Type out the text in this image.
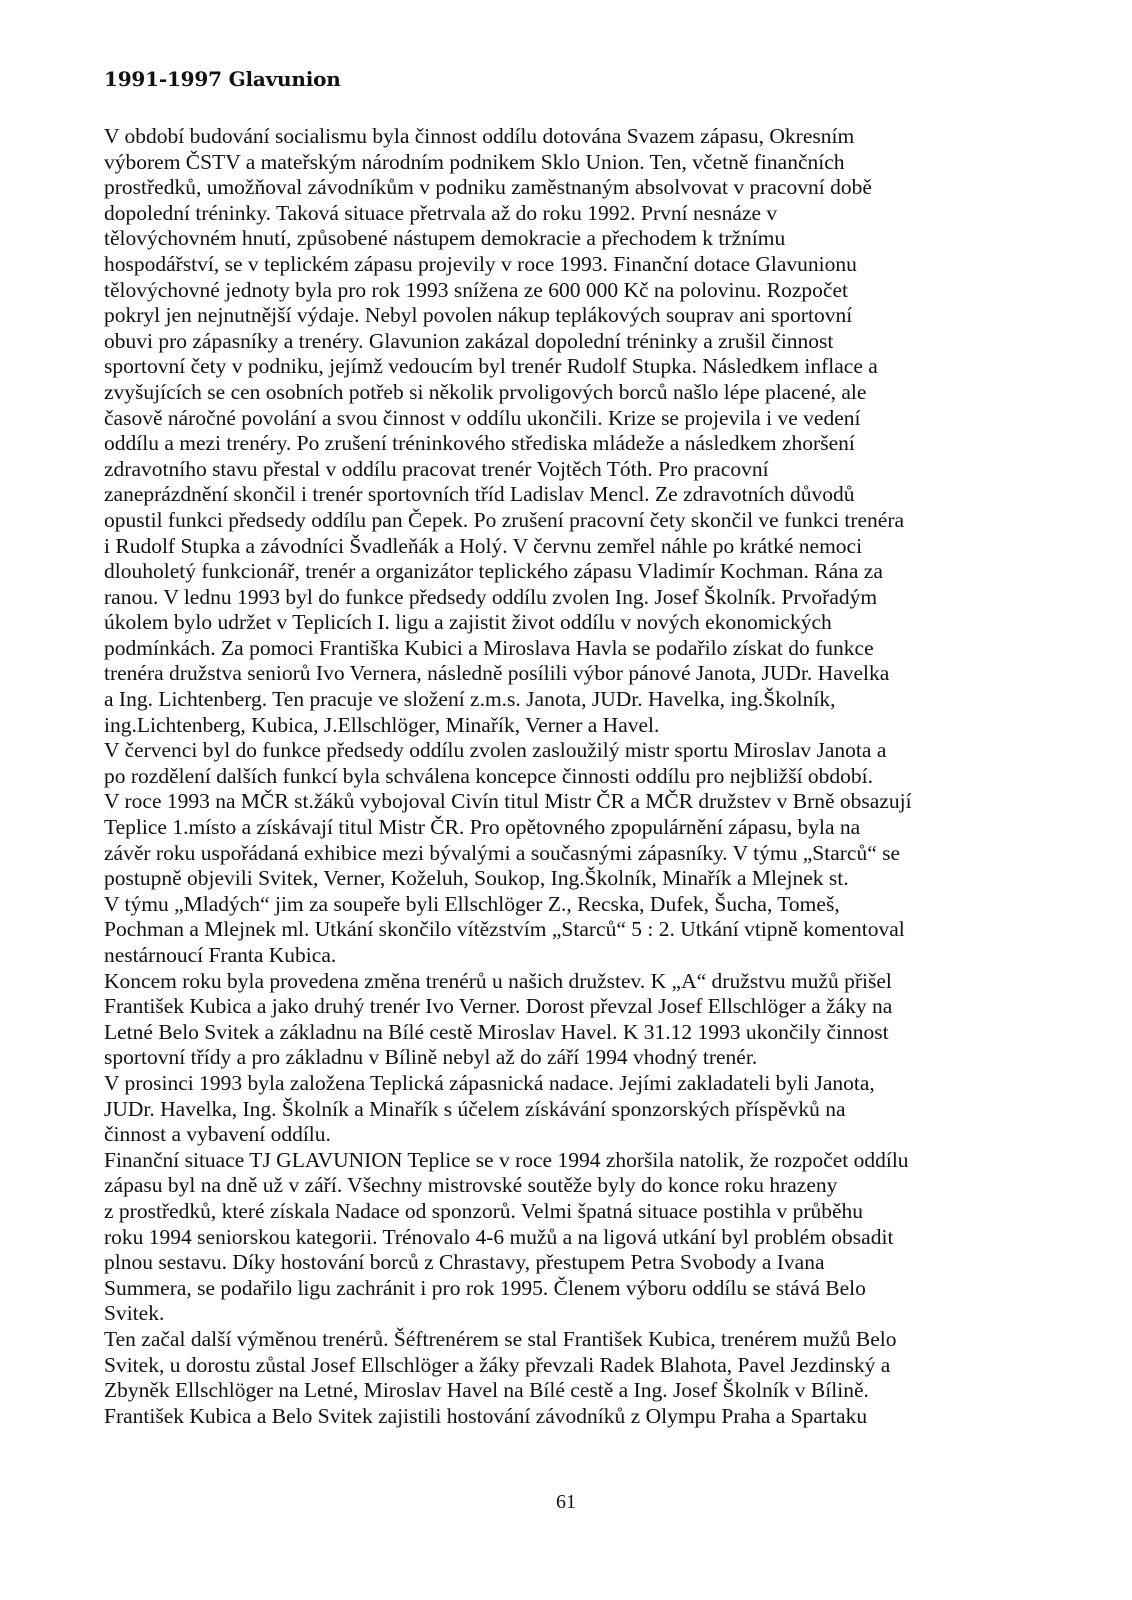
1991-1997 Glavunion
V období budování socialismu byla činnost oddílu dotována Svazem zápasu, Okresním
výborem ČSTV a mateřským národním podnikem Sklo Union. Ten, včetně finančních
prostředků, umožňoval závodníkům v podniku zaměstnaným absolvovat v pracovní době
dopolední tréninky. Taková situace přetrvala až do roku 1992. První nesnáze v
tělovýchovném hnutí, způsobené nástupem demokracie a přechodem k tržnímu
hospodářství, se v teplickém zápasu projevily v roce 1993. Finanční dotace Glavunionu
tělovýchovné jednoty byla pro rok 1993 snížena ze 600 000 Kč na polovinu. Rozpočet
pokryl jen nejnutnější výdaje. Nebyl povolen nákup teplákových souprav ani sportovní
obuvi pro zápasníky a trenéry. Glavunion zakázal dopolední tréninky a zrušil činnost
sportovní čety v podniku, jejímž vedoucím byl trenér Rudolf Stupka. Následkem inflace a
zvyšujících se cen osobních potřeb si několik prvoligových borců našlo lépe placené, ale
časově náročné povolání a svou činnost v oddílu ukončili. Krize se projevila i ve vedení
oddílu a mezi trenéry. Po zrušení tréninkového střediska mládeže a následkem zhoršení
zdravotního stavu přestal v oddílu pracovat trenér Vojtěch Tóth. Pro pracovní
zaneprázdnění skončil i trenér sportovních tříd Ladislav Mencl. Ze zdravotních důvodů
opustil funkci předsedy oddílu pan Čepek. Po zrušení pracovní čety skončil ve funkci trenéra
i Rudolf Stupka a závodníci Švadleňák a Holý. V červnu zemřel náhle po krátké nemoci
dlouholetý funkcionář, trenér a organizátor teplického zápasu Vladimír Kochman. Rána za
ranou. V lednu 1993 byl do funkce předsedy oddílu zvolen Ing. Josef Školník. Prvořadým
úkolem bylo udržet v Teplicích I. ligu a zajistit život oddílu v nových ekonomických
podmínkách. Za pomoci Františka Kubici a Miroslava Havla se podařilo získat do funkce
trenéra družstva seniorů Ivo Vernera, následně posílili výbor pánové Janota, JUDr. Havelka
a Ing. Lichtenberg. Ten pracuje ve složení z.m.s. Janota, JUDr. Havelka, ing.Školník,
ing.Lichtenberg, Kubica, J.Ellschlöger, Minařík, Verner a Havel.
V červenci byl do funkce předsedy oddílu zvolen zasloužilý mistr sportu Miroslav Janota a
po rozdělení dalších funkcí byla schválena koncepce činnosti oddílu pro nejbližší období.
V roce 1993 na MČR st.žáků vybojoval Civín titul Mistr ČR a MČR družstev v Brně obsazují
Teplice 1.místo a získávají titul Mistr ČR. Pro opětovného zpopulárnění zápasu, byla na
závěr roku uspořádaná exhibice mezi bývalými a současnými zápasníky. V týmu „Starců“ se
postupně objevili Svitek, Verner, Koželuh, Soukop, Ing.Školník, Minařík a Mlejnek st.
V týmu „Mladých“ jim za soupeře byli Ellschlöger Z., Recska, Dufek, Šucha, Tomeš,
Pochman a Mlejnek ml. Utkání skončilo vítězstvím „Starců“ 5 : 2. Utkání vtipně komentoval
nestárnoucí Franta Kubica.
Koncem roku byla provedena změna trenérů u našich družstev. K „A“ družstvu mužů přišel
František Kubica a jako druhý trenér Ivo Verner. Dorost převzal Josef Ellschlöger a žáky na
Letné Belo Svitek a základnu na Bílé cestě Miroslav Havel. K 31.12 1993 ukončily činnost
sportovní třídy a pro základnu v Bílině nebyl až do září 1994 vhodný trenér.
V prosinci 1993 byla založena Teplická zápasnická nadace. Jejími zakladateli byli Janota,
JUDr. Havelka, Ing. Školník a Minařík s účelem získávání sponzorských příspěvků na
činnost a vybavení oddílu.
Finanční situace TJ GLAVUNION Teplice se v roce 1994 zhoršila natolik, že rozpočet oddílu
zápasu byl na dně už v září. Všechny mistrovské soutěže byly do konce roku hrazeny
z prostředků, které získala Nadace od sponzorů. Velmi špatná situace postihla v průběhu
roku 1994 seniorskou kategorii. Trénovalo 4-6 mužů a na ligová utkání byl problém obsadit
plnou sestavu. Díky hostování borců z Chrastavy, přestupem Petra Svobody a Ivana
Summera, se podařilo ligu zachránit i pro rok 1995. Členem výboru oddílu se stává Belo
Svitek.
Ten začal další výměnou trenérů. Šéftrenérem se stal František Kubica, trenérem mužů Belo
Svitek, u dorostu zůstal Josef Ellschlöger a žáky převzali Radek Blahota, Pavel Jezdinský a
Zbyněk Ellschlöger na Letné, Miroslav Havel na Bílé cestě a Ing. Josef Školník v Bílině.
František Kubica a Belo Svitek zajistili hostování závodníků z Olympu Praha a Spartaku
61
